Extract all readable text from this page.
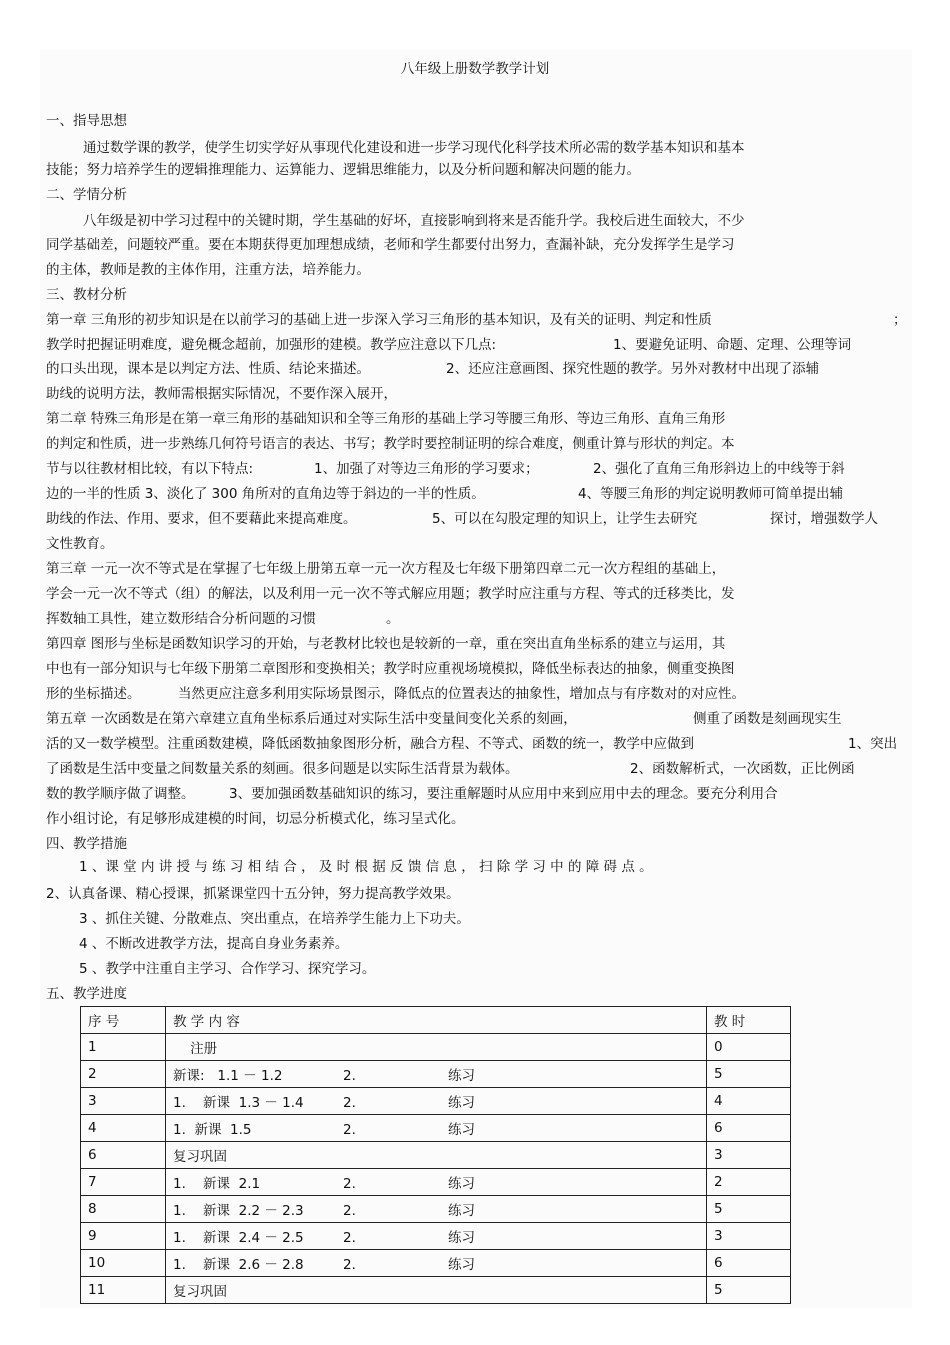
八年级上册数学教学计划
一、指导思想
通过数学课的教学，使学生切实学好从事现代化建设和进一步学习现代化科学技术所必需的数学基本知识和基本
技能；努力培养学生的逻辑推理能力、运算能力、逻辑思维能力，以及分析问题和解决问题的能力。
二、学情分析
八年级是初中学习过程中的关键时期，学生基础的好坏，直接影响到将来是否能升学。我校后进生面较大，不少
同学基础差，问题较严重。要在本期获得更加理想成绩，老师和学生都要付出努力，查漏补缺，充分发挥学生是学习
的主体，教师是教的主体作用，注重方法，培养能力。
三、教材分析
第一章 三角形的初步知识是在以前学习的基础上进一步深入学习三角形的基本知识，及有关的证明、判定和性质	；
教学时把握证明难度，避免概念超前，加强形的建模。教学应注意以下几点:	1、要避免证明、命题、定理、公理等词
的口头出现，课本是以判定方法、性质、结论来描述。	2、还应注意画图、探究性题的教学。另外对教材中出现了添辅
助线的说明方法，教师需根据实际情况，不要作深入展开，
第二章 特殊三角形是在第一章三角形的基础知识和全等三角形的基础上学习等腰三角形、等边三角形、直角三角形
的判定和性质，进一步熟练几何符号语言的表达、书写；教学时要控制证明的综合难度，侧重计算与形状的判定。本
节与以往教材相比较，有以下特点:	1、加强了对等边三角形的学习要求；	2、强化了直角三角形斜边上的中线等于斜
边的一半的性质 3、淡化了 300 角所对的直角边等于斜边的一半的性质。	4、等腰三角形的判定说明教师可简单提出辅
助线的作法、作用、要求，但不要藉此来提高难度。	5、可以在勾股定理的知识上，让学生去研究	探讨，增强数学人
文性教育。
第三章 一元一次不等式是在掌握了七年级上册第五章一元一次方程及七年级下册第四章二元一次方程组的基础上，
学会一元一次不等式（组）的解法，以及利用一元一次不等式解应用题；教学时应注重与方程、等式的迁移类比，发
挥数轴工具性，建立数形结合分析问题的习惯	。
第四章 图形与坐标是函数知识学习的开始，与老教材比较也是较新的一章，重在突出直角坐标系的建立与运用，其
中也有一部分知识与七年级下册第二章图形和变换相关；教学时应重视场境模拟，降低坐标表达的抽象，侧重变换图
形的坐标描述。	当然更应注意多利用实际场景图示，降低点的位置表达的抽象性，增加点与有序数对的对应性。
第五章 一次函数是在第六章建立直角坐标系后通过对实际生活中变量间变化关系的刻画，	侧重了函数是刻画现实生
活的又一数学模型。注重函数建模，降低函数抽象图形分析，融合方程、不等式、函数的统一，教学中应做到	1、突出
了函数是生活中变量之间数量关系的刻画。很多问题是以实际生活背景为载体。	2、函数解析式，一次函数，正比例函
数的教学顺序做了调整。	3、要加强函数基础知识的练习，要注重解题时从应用中来到应用中去的理念。要充分利用合
作小组讨论，有足够形成建模的时间，切忌分析模式化，练习呈式化。
四、教学措施
2、认真备课、精心授课，抓紧课堂四十五分钟，努力提高教学效果。
3 、抓住关键、分散难点、突出重点，在培养学生能力上下功夫。
4 、不断改进教学方法，提高自身业务素养。
5 、教学中注重自主学习、合作学习、探究学习。
五、教学进度
1 、课 堂 内 讲 授 与 练 习 相 结 合 ， 及 时 根 据 反 馈 信 息 ， 扫 除 学 习 中 的 障 碍 点 。
序 号	教 学 内 容	教 时
1	注册	0
2	新课:   1.1 － 1.2 2. 练习	5
3	1.    新课  1.3 － 1.4 2. 练习	4
4	1.  新课  1.5 2. 练习	6
6	复习巩固	3
7	1.    新课  2.1 2. 练习	2
8	1.    新课  2.2 － 2.3 2. 练习	5
9	1.    新课  2.4 － 2.5 2. 练习	3
10	1.    新课  2.6 － 2.8 2. 练习	6
11	复习巩固	5
